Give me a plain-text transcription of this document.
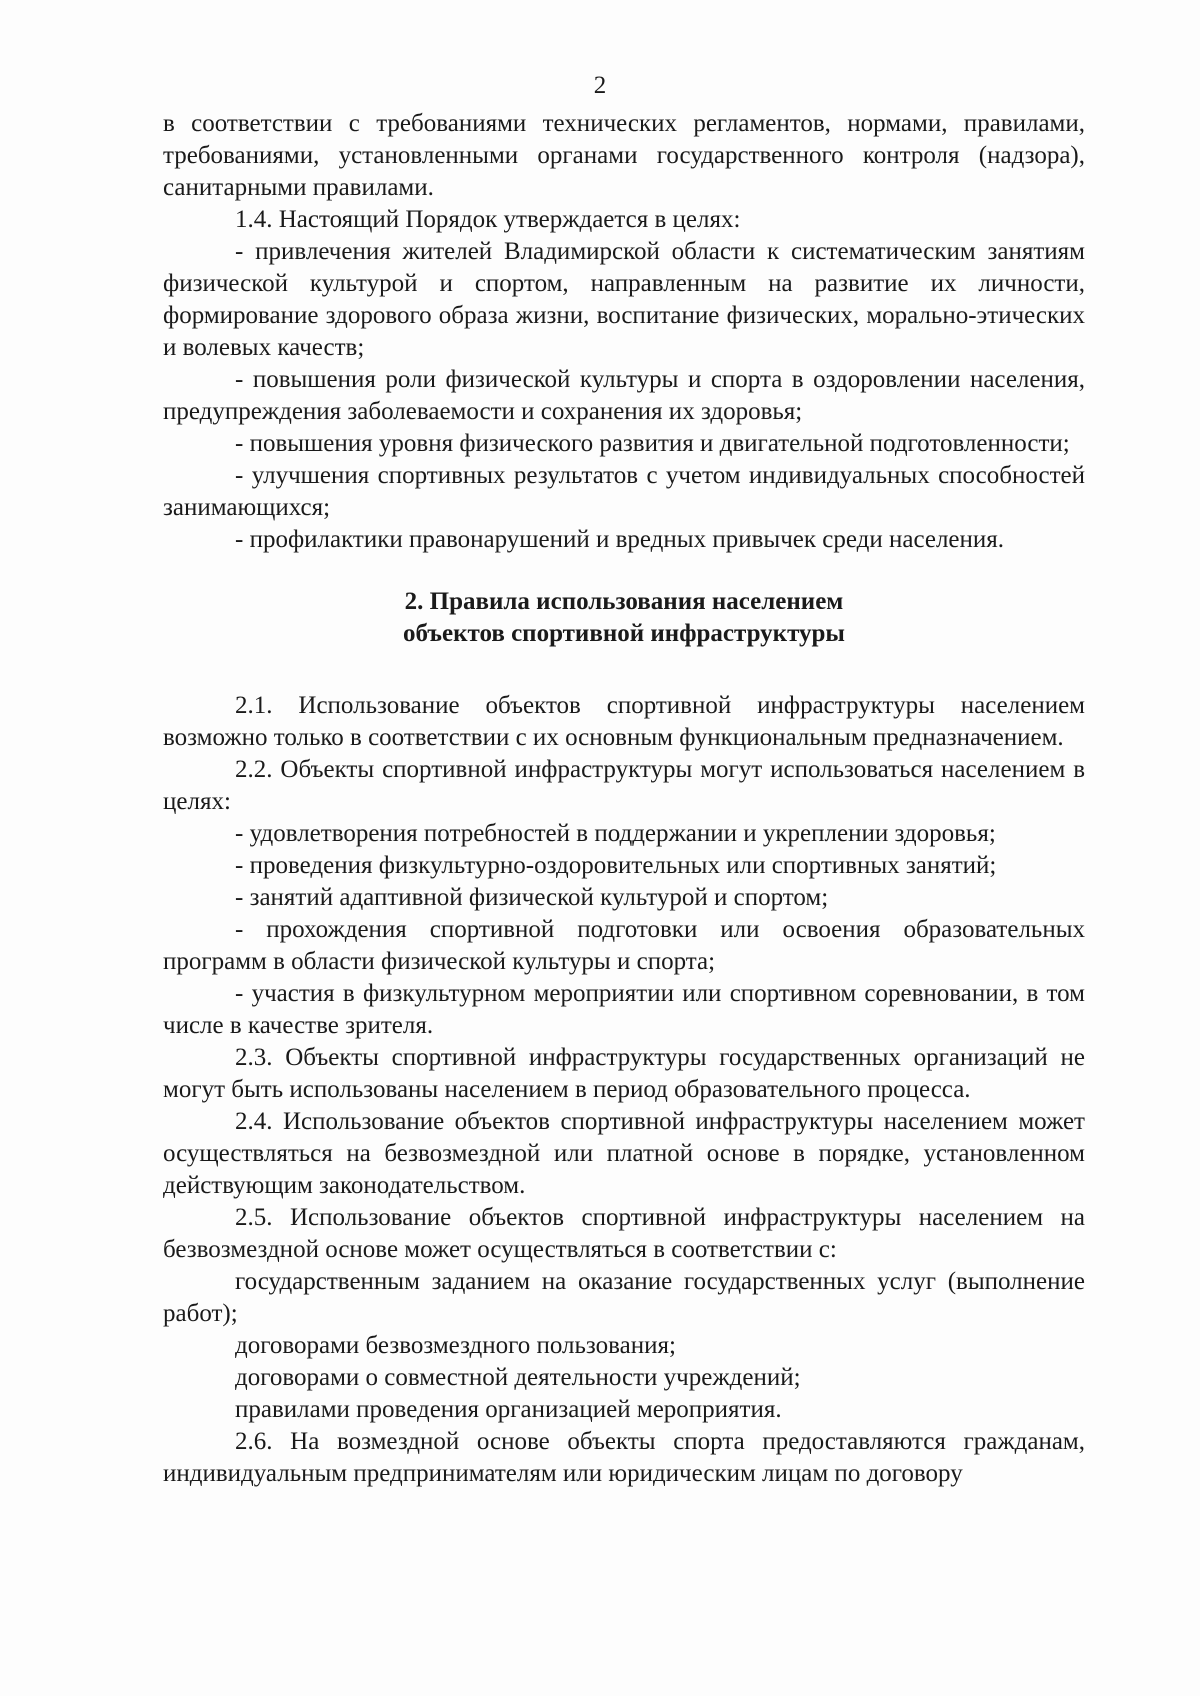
2

в соответствии с требованиями технических регламентов, нормами, правилами, требованиями, установленными органами государственного контроля (надзора), санитарными правилами.

1.4. Настоящий Порядок утверждается в целях:

- привлечения жителей Владимирской области к систематическим занятиям физической культурой и спортом, направленным на развитие их личности, формирование здорового образа жизни, воспитание физических, морально-этических и волевых качеств;

- повышения роли физической культуры и спорта в оздоровлении населения, предупреждения заболеваемости и сохранения их здоровья;

- повышения уровня физического развития и двигательной подготовленности;

- улучшения спортивных результатов с учетом индивидуальных способностей занимающихся;

- профилактики правонарушений и вредных привычек среди населения.

2. Правила использования населением

объектов спортивной инфраструктуры

2.1. Использование объектов спортивной инфраструктуры населением возможно только в соответствии с их основным функциональным предназначением.

2.2. Объекты спортивной инфраструктуры могут использоваться населением в целях:

- удовлетворения потребностей в поддержании и укреплении здоровья;

- проведения физкультурно-оздоровительных или спортивных занятий;

- занятий адаптивной физической культурой и спортом;

- прохождения спортивной подготовки или освоения образовательных программ в области физической культуры и спорта;

- участия в физкультурном мероприятии или спортивном соревновании, в том числе в качестве зрителя.

2.3. Объекты спортивной инфраструктуры государственных организаций не могут быть использованы населением в период образовательного процесса.

2.4. Использование объектов спортивной инфраструктуры населением может осуществляться на безвозмездной или платной основе в порядке, установленном действующим законодательством.

2.5. Использование объектов спортивной инфраструктуры населением на безвозмездной основе может осуществляться в соответствии с:

государственным заданием на оказание государственных услуг (выполнение работ);

договорами безвозмездного пользования;

договорами о совместной деятельности учреждений;

правилами проведения организацией мероприятия.

2.6. На возмездной основе объекты спорта предоставляются гражданам, индивидуальным предпринимателям или юридическим лицам по договору
